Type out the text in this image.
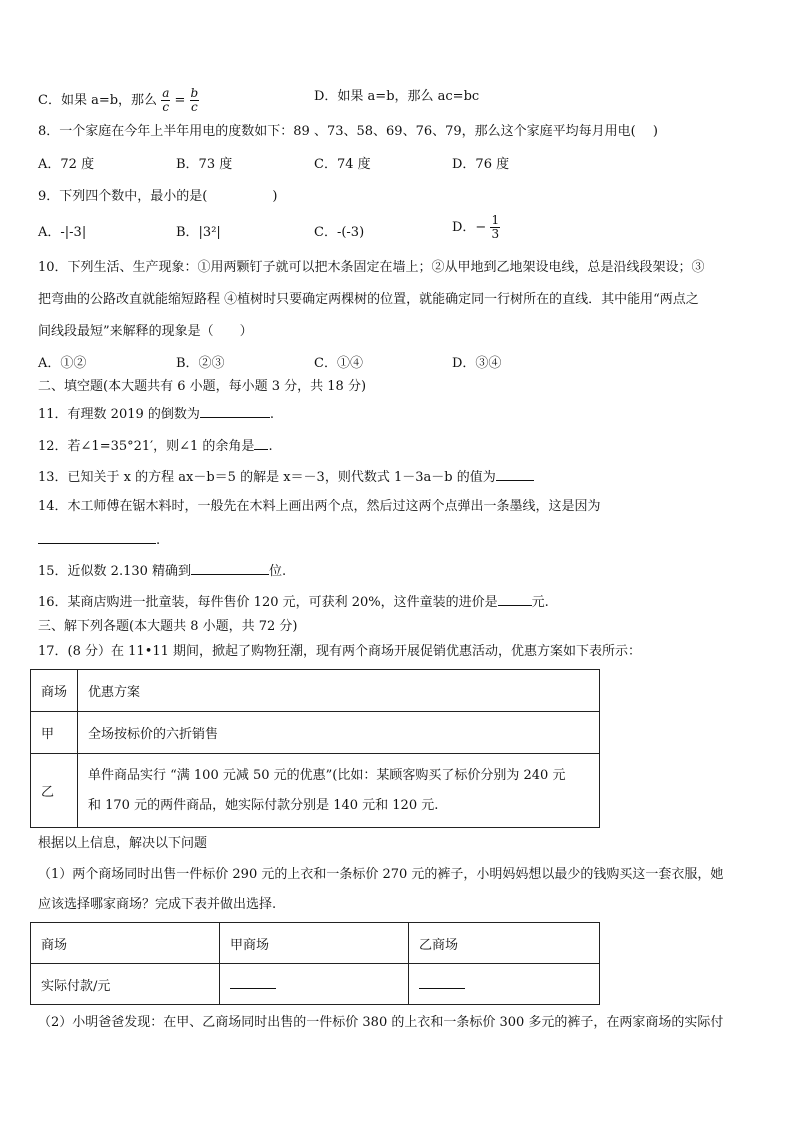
C．如果 a=b，那么 $\frac{a}{c} = \frac{b}{c}$	D．如果 a=b，那么 ac=bc
8．一个家庭在今年上半年用电的度数如下：89 、73、58、69、76、79，那么这个家庭平均每月用电(　 )
A．72 度	B．73 度	C．74 度	D．76 度
9．下列四个数中，最小的是(　　　　　)
A．-|-3|	B．|3²|	C．-(-3)	D．− $\frac{1}{3}$
10．下列生活、生产现象：①用两颗钉子就可以把木条固定在墙上；②从甲地到乙地架设电线，总是沿线段架设；③
把弯曲的公路改直就能缩短路程 ④植树时只要确定两棵树的位置，就能确定同一行树所在的直线．其中能用“两点之
间线段最短”来解释的现象是（　　）
A．①②	B．②③	C．①④	D．③④
二、填空题(本大题共有 6 小题，每小题 3 分，共 18 分)
11．有理数 2019 的倒数为	.
12．若∠1=35°21′，则∠1 的余角是 .
13．已知关于 x 的方程 ax－b＝5 的解是 x＝－3，则代数式 1－3a－b 的值为
14．木工师傅在锯木料时，一般先在木料上画出两个点，然后过这两个点弹出一条墨线，这是因为
.
15．近似数 2.130 精确到	位.
16．某商店购进一批童装，每件售价 120 元，可获利 20%，这件童装的进价是	元.
三、解下列各题(本大题共 8 小题，共 72 分)
17．(8 分）在 11•11 期间，掀起了购物狂潮，现有两个商场开展促销优惠活动，优惠方案如下表所示：
商场	优惠方案
甲	全场按标价的六折销售
乙	单件商品实行 “满 100 元减 50 元的优惠”(比如：某顾客购买了标价分别为 240 元
和 170 元的两件商品，她实际付款分别是 140 元和 120 元.
根据以上信息，解决以下问题
（1）两个商场同时出售一件标价 290 元的上衣和一条标价 270 元的裤子，小明妈妈想以最少的钱购买这一套衣服，她
应该选择哪家商场？完成下表并做出选择.
商场	甲商场	乙商场
实际付款/元		
（2）小明爸爸发现：在甲、乙商场同时出售的一件标价 380 的上衣和一条标价 300 多元的裤子，在两家商场的实际付
